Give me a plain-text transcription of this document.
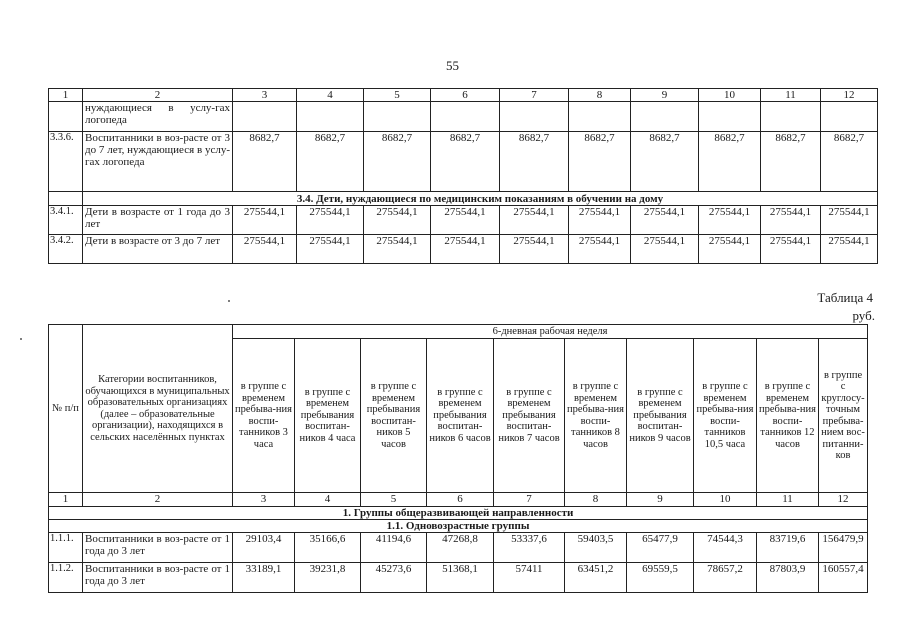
55
1	2	3	4	5	6	7	8	9	10	11	12
	нуждающиеся в услу-гах логопеда										
3.3.6.	Воспитанники в воз-расте от 3 до 7 лет, нуждающиеся в услу-гах логопеда	8682,7	8682,7	8682,7	8682,7	8682,7	8682,7	8682,7	8682,7	8682,7	8682,7
	3.4. Дети, нуждающиеся по медицинским показаниям в обучении на дому										
3.4.1.	Дети в возрасте от 1 года до 3 лет	275544,1	275544,1	275544,1	275544,1	275544,1	275544,1	275544,1	275544,1	275544,1	275544,1
3.4.2.	Дети в возрасте от 3 до 7 лет	275544,1	275544,1	275544,1	275544,1	275544,1	275544,1	275544,1	275544,1	275544,1	275544,1
Таблица 4
руб.
№ п/п	Категории воспитанников, обучающихся в муниципальных образовательных организациях (далее – образовательные организации), находящихся в сельских населённых пунктах	6-дневная рабочая неделя									
		в группе с временем пребыва-ния воспи-танников 3 часа	в группе с временем пребывания воспитан-ников 4 часа	в группе с временем пребывания воспитан-ников 5 часов	в группе с временем пребывания воспитан-ников 6 часов	в группе с временем пребывания воспитан-ников 7 часов	в группе с временем пребыва-ния воспи-танников 8 часов	в группе с временем пребывания воспитан-ников 9 часов	в группе с временем пребыва-ния воспи-танников 10,5 часа	в группе с временем пребыва-ния воспи-танников 12 часов	в группе с круглосу-точным пребыва-нием вос-питанни-ков
1	2	3	4	5	6	7	8	9	10	11	12
1. Группы общеразвивающей направленности											
1.1. Одновозрастные группы											
1.1.1.	Воспитанники в воз-расте от 1 года до 3 лет	29103,4	35166,6	41194,6	47268,8	53337,6	59403,5	65477,9	74544,3	83719,6	156479,9
1.1.2.	Воспитанники в воз-расте от 1 года до 3 лет	33189,1	39231,8	45273,6	51368,1	57411	63451,2	69559,5	78657,2	87803,9	160557,4
